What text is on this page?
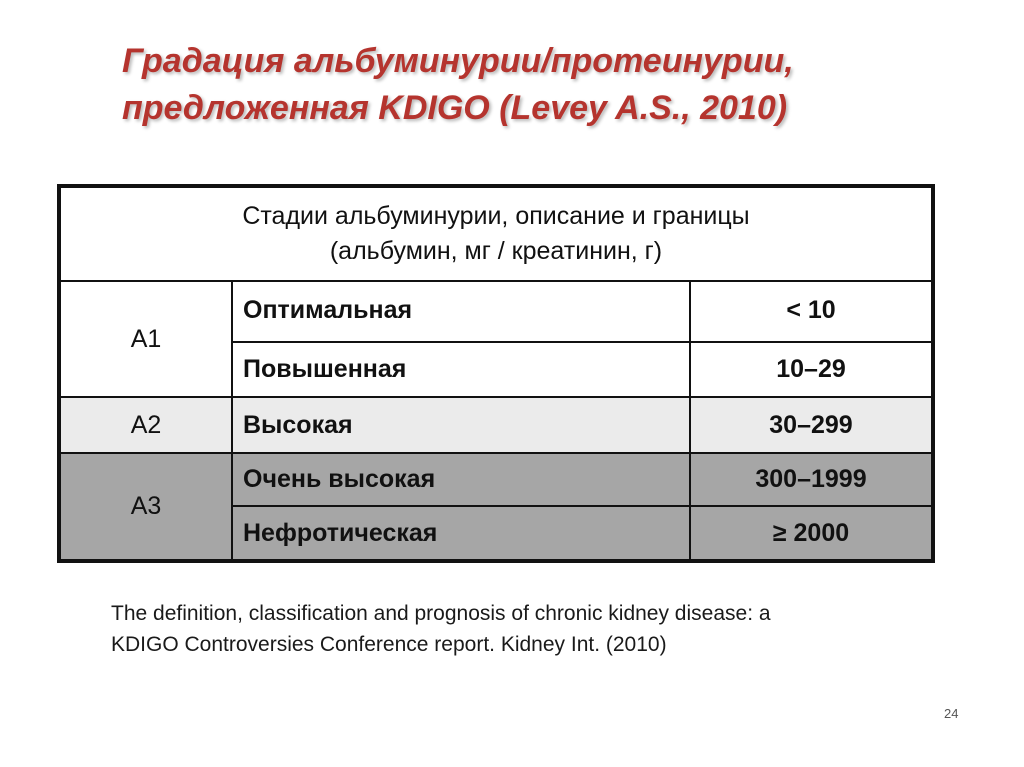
Градация альбуминурии/протеинурии,
предложенная KDIGO (Levey A.S., 2010)
Стадии альбуминурии, описание и границы
(альбумин, мг / креатинин, г)		
A1	Оптимальная	< 10
	Повышенная	10–29
A2	Высокая	30–299
A3	Очень высокая	300–1999
	Нефротическая	≥ 2000
The definition, classification and prognosis of chronic kidney disease: a
KDIGO Controversies Conference report. Kidney Int. (2010)
24
